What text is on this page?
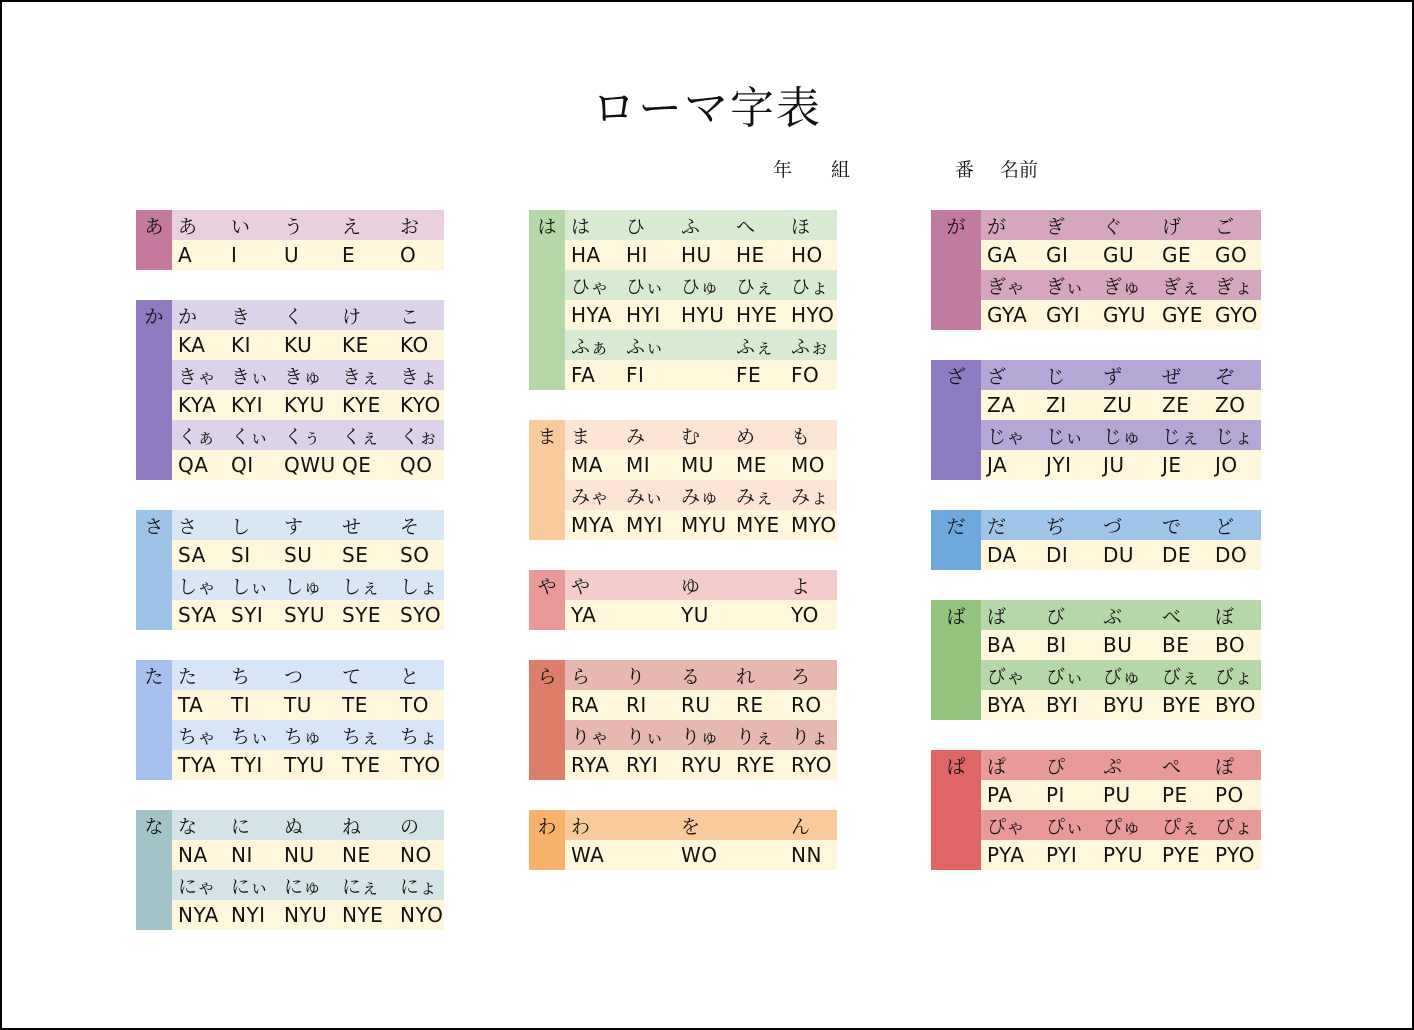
ローマ字表
年 組	番 名前
あ あ	い	う	え	お
A	I	U	E	O
か か	き	く	け	こ
KA	KI	KU	KE	KO
きゃ きぃ きゅ	きぇ	きょ
KYA KYI	KYU KYE KYO
くぁ くぃ くぅ	くぇ	くぉ
QA	QI	QWU QE	QO
さ さ	し	す	せ	そ
SA	SI	SU	SE	SO
しゃ しぃ しゅ	しぇ	しょ
SYA SYI	SYU SYE SYO
た た	ち	つ	て	と
TA	TI	TU	TE	TO
ちゃ ちぃ ちゅ	ちぇ	ちょ
TYA TYI	TYU TYE TYO
な な	に	ぬ	ね	の
NA	NI	NU	NE	NO
にゃ にぃ にゅ	にぇ	にょ
NYA NYI NYU NYE NYO
は は	ひ	ふ	へ	ほ
HA	HI	HU	HE	HO
ひゃ ひぃ ひゅ ひぇ ひょ
HYA HYI	HYU HYE HYO
ふぁ ふぃ	ふぇ ふぉ
FA	FI	FE	FO
ま ま	み	む	め	も
MA	MI	MU	ME	MO
みゃ みぃ みゅ みぇ みょ
MYA MYI MYU MYE MYO
や や	ゆ	よ
YA	YU	YO
ら ら	り	る	れ	ろ
RA	RI	RU	RE	RO
りゃ りぃ りゅ りぇ りょ
RYA RYI	RYU RYE RYO
わ わ	を	ん
WA	WO	NN
が	が	ぎ	ぐ	げ	ご
GA	GI	GU	GE	GO
ぎゃ	ぎぃ ぎゅ	ぎぇ ぎょ
GYA GYI	GYU GYE GYO
ざ	ざ	じ	ず	ぜ	ぞ
ZA	ZI	ZU	ZE	ZO
じゃ	じぃ	じゅ	じぇ じょ
JA	JYI	JU	JE	JO
だ	だ	ぢ	づ	で	ど
DA	DI	DU	DE	DO
ば	ば	び	ぶ	べ	ぼ
BA	BI	BU	BE	BO
びゃ	びぃ びゅ	びぇ びょ
BYA	BYI	BYU BYE BYO
ぱ	ぱ	ぴ	ぷ	ぺ	ぽ
PA	PI	PU	PE	PO
ぴゃ	ぴぃ ぴゅ	ぴぇ ぴょ
PYA	PYI	PYU PYE PYO
